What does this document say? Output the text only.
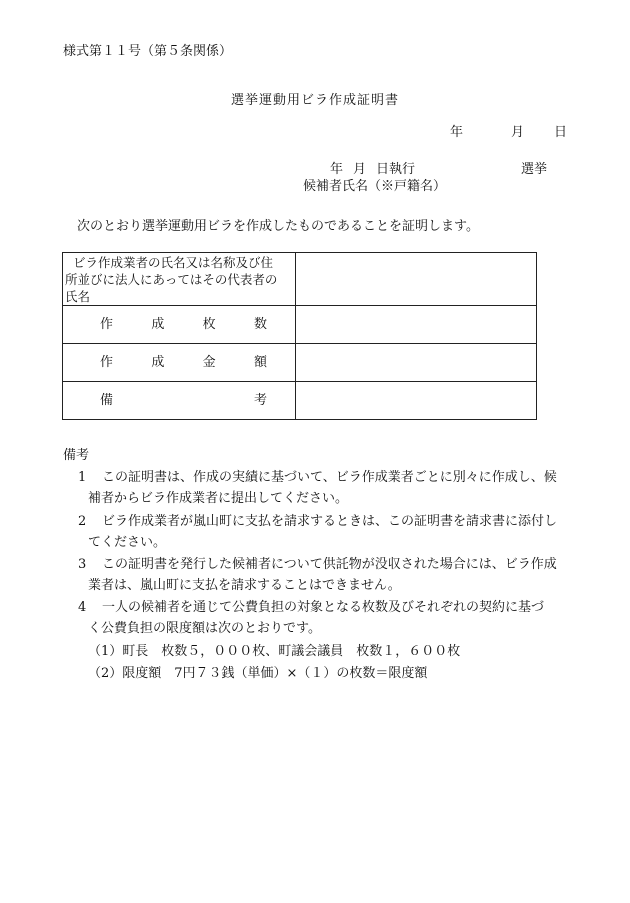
様式第１１号（第５条関係）
選挙運動用ビラ作成証明書
年	月 日
年 月 日執行	選挙
候補者氏名（※戸籍名）
次のとおり選挙運動用ビラを作成したものであることを証明します。
ビラ作成業者の氏名又は名称及び住
所並びに法人にあってはその代表者の
氏名	

作 成 枚 数	

作 成 金 額	

備 考	

備考
1 この証明書は、作成の実績に基づいて、ビラ作成業者ごとに別々に作成し、候
補者からビラ作成業者に提出してください。
2 ビラ作成業者が嵐山町に支払を請求するときは、この証明書を請求書に添付し
てください。
3 この証明書を発行した候補者について供託物が没収された場合には、ビラ作成
業者は、嵐山町に支払を請求することはできません。
4 一人の候補者を通じて公費負担の対象となる枚数及びそれぞれの契約に基づ
く公費負担の限度額は次のとおりです。
（1）町長　枚数５，０００枚、町議会議員　枚数１，６００枚
（2）限度額　7円７３銭（単価）×（１）の枚数＝限度額
